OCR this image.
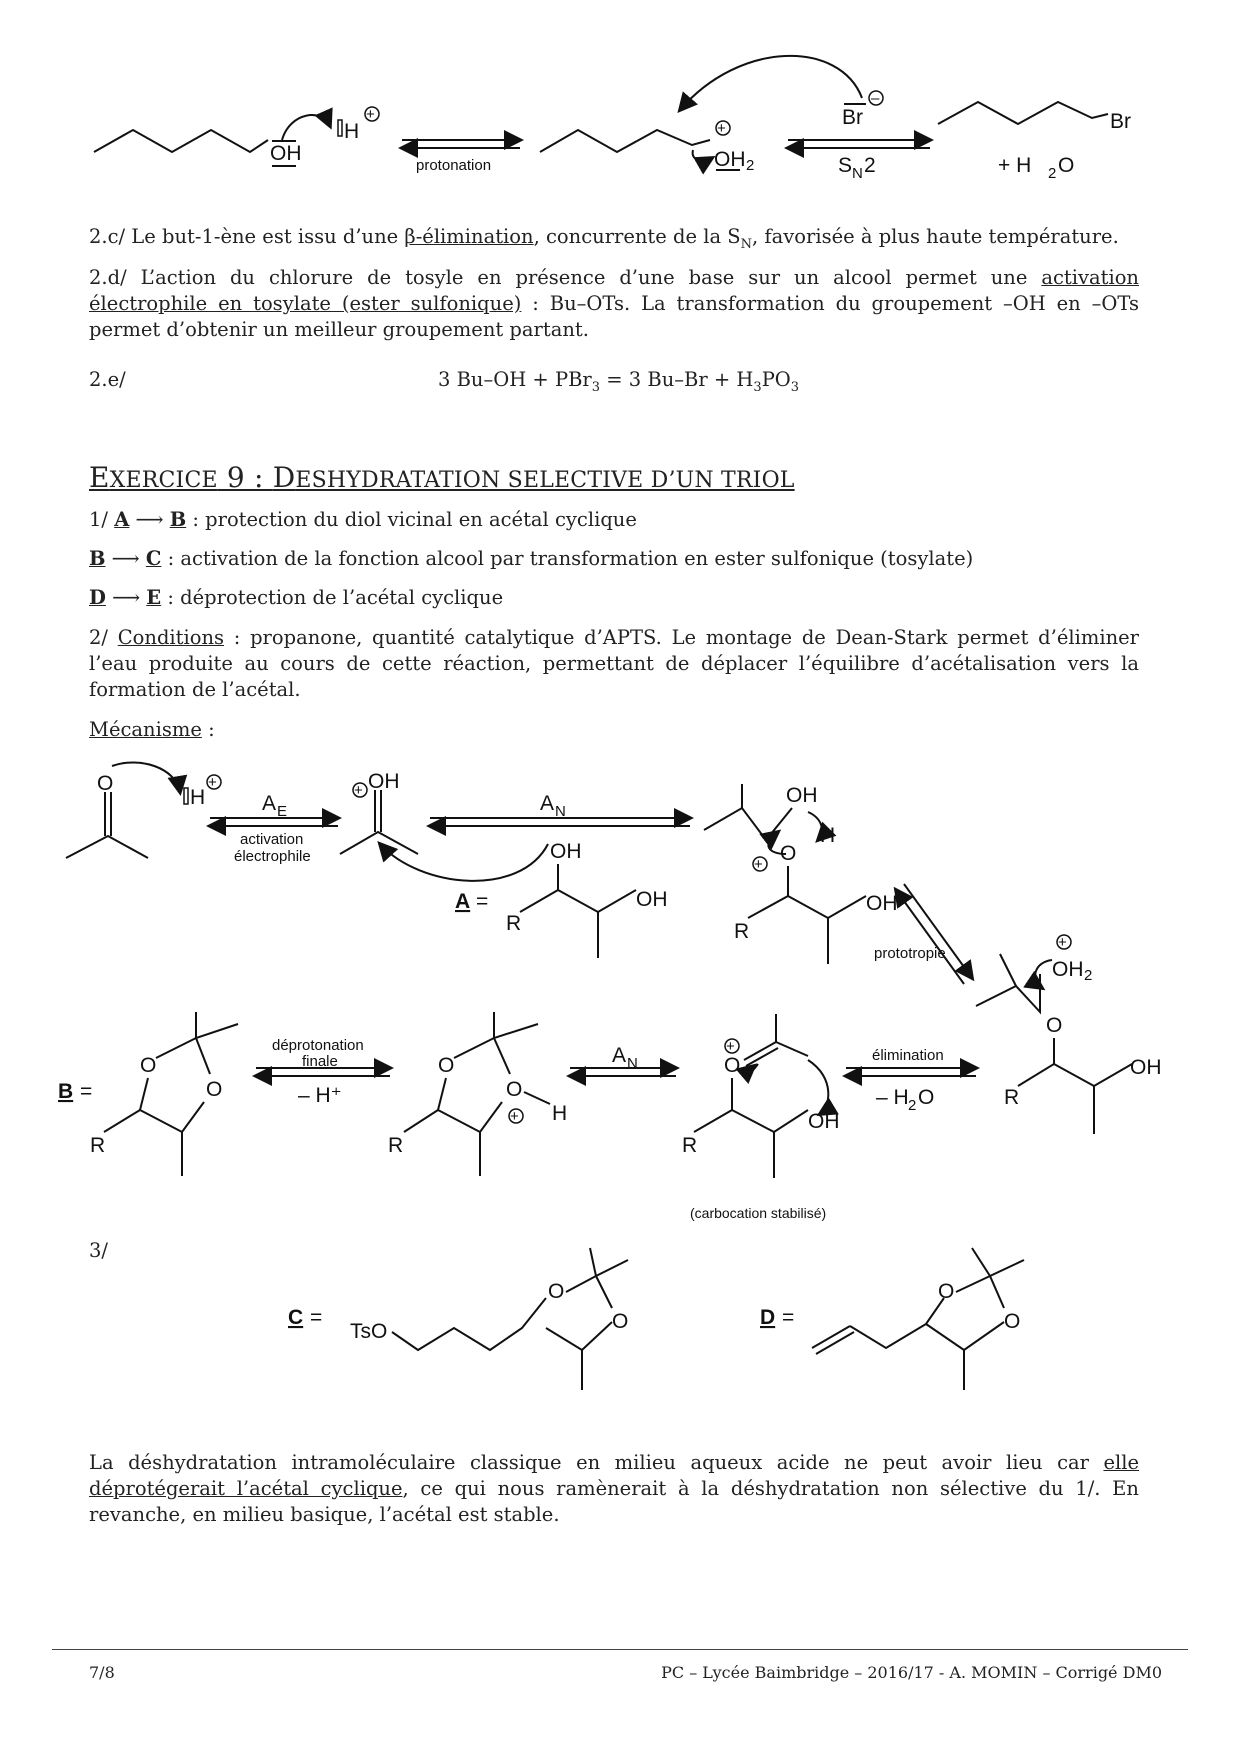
OH
H
+
protonation	OH 2
+	Br
–
S N 2
Br
+ H 2 O
2.c/ Le but-1-ène est issu d’une β-élimination, concurrente de la $S_N$, favorisée à plus haute température.
2.d/ L’action du chlorure de tosyle en présence d’une base sur un alcool permet une activation électrophile en tosylate (ester sulfonique) : Bu–OTs. La transformation du groupement –OH en –OTs permet d’obtenir un meilleur groupement partant.
2.e/	3 Bu–OH + PBr$_3$ = 3 $Bu-Br + H_3PO_3$
EXERCICE 9 : DESHYDRATATION SELECTIVE D’UN TRIOL
1/ A ⟶ B : protection du diol vicinal en acétal cyclique
B ⟶ C : activation de la fonction alcool par transformation en ester sulfonique (tosylate)
D ⟶ E : déprotection de l’acétal cyclique
2/ Conditions : propanone, quantité catalytique d’APTS. Le montage de Dean-Stark permet d’éliminer l’eau produite au cours de cette réaction, permettant de déplacer l’équilibre d’acétalisation vers la formation de l’acétal.
Mécanisme :
O
H
+
A E
activation
électrophile
OH
+
A N
A =
OH
R
OH
OH
H
O
+
R
OH
prototropie
OH 2
+
O
R
OH
B =
O
O
R
déprotonation
finale
– H⁺
O
O
+ H
R
A N	O
+
R
OH
(carbocation stabilisé)
élimination
– H 2 O
3/
C =
TsO
O
O	D =
O
O
La déshydratation intramoléculaire classique en milieu aqueux acide ne peut avoir lieu car elle déprotégerait l’acétal cyclique, ce qui nous ramènerait à la déshydratation non sélective du 1/. En revanche, en milieu basique, l’acétal est stable.
7/8	PC – Lycée Baimbridge – 2016/17 - A. MOMIN – Corrigé DM0
